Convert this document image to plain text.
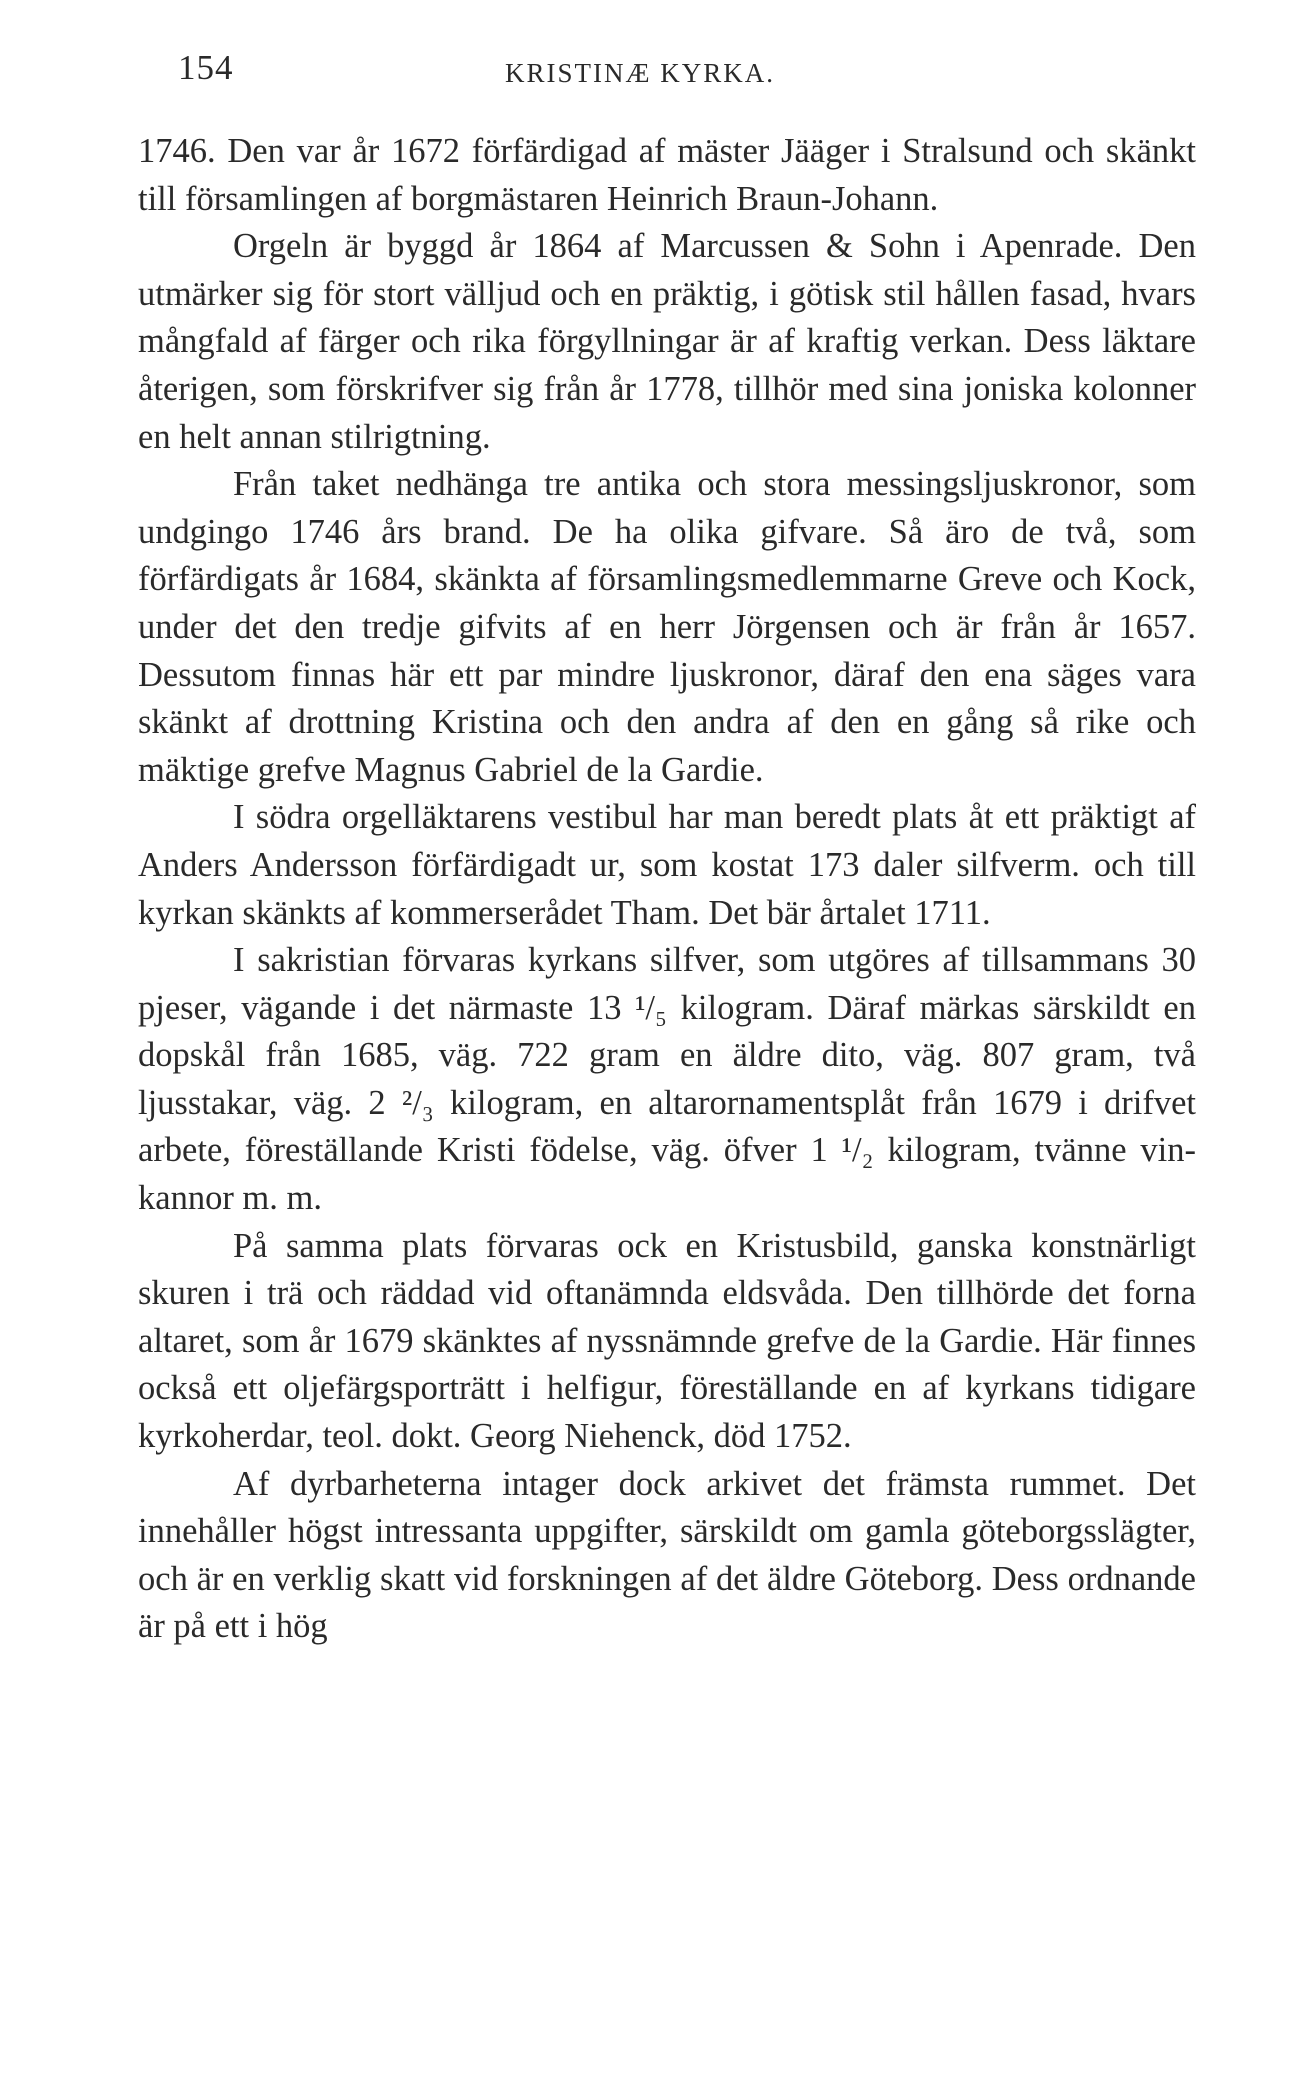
154	KRISTINÆ KYRKA.

1746. Den var år 1672 förfärdigad af mäster Jääger i Stralsund och skänkt till församlingen af borgmästaren Heinrich Braun-Johann.

Orgeln är byggd år 1864 af Marcussen & Sohn i Apenrade. Den utmärker sig för stort välljud och en präktig, i götisk stil hållen fasad, hvars mångfald af färger och rika förgyllningar är af kraftig verkan. Dess läktare återigen, som förskrifver sig från år 1778, tillhör med sina joniska kolonner en helt annan stilrigtning.

Från taket nedhänga tre antika och stora messingsljuskronor, som undgingo 1746 års brand. De ha olika gifvare. Så äro de två, som förfärdigats år 1684, skänkta af församlingsmedlemmarne Greve och Kock, under det den tredje gifvits af en herr Jörgensen och är från år 1657. Dessutom finnas här ett par mindre ljuskronor, däraf den ena säges vara skänkt af drottning Kristina och den andra af den en gång så rike och mäktige grefve Magnus Gabriel de la Gardie.

I södra orgelläktarens vestibul har man beredt plats åt ett präktigt af Anders Andersson förfärdigadt ur, som kostat 173 daler silfverm. och till kyrkan skänkts af kommerserådet Tham. Det bär årtalet 1711.

I sakristian förvaras kyrkans silfver, som utgöres af tillsammans 30 pjeser, vägande i det närmaste 13 ¹/₅ kilogram. Däraf märkas särskildt en dopskål från 1685, väg. 722 gram en äldre dito, väg. 807 gram, två ljusstakar, väg. 2 ²/₃ kilogram, en altarornamentsplåt från 1679 i drifvet arbete, föreställande Kristi födelse, väg. öfver 1 ¹/₂ kilogram, tvänne vinkannor m. m.

På samma plats förvaras ock en Kristusbild, ganska konstnärligt skuren i trä och räddad vid oftanämnda eldsvåda. Den tillhörde det forna altaret, som år 1679 skänktes af nyssnämnde grefve de la Gardie. Här finnes också ett oljefärgsporträtt i helfigur, föreställande en af kyrkans tidigare kyrkoherdar, teol. dokt. Georg Niehenck, död 1752.

Af dyrbarheterna intager dock arkivet det främsta rummet. Det innehåller högst intressanta uppgifter, särskildt om gamla göteborgsslägter, och är en verklig skatt vid forskningen af det äldre Göteborg. Dess ordnande är på ett i hög
